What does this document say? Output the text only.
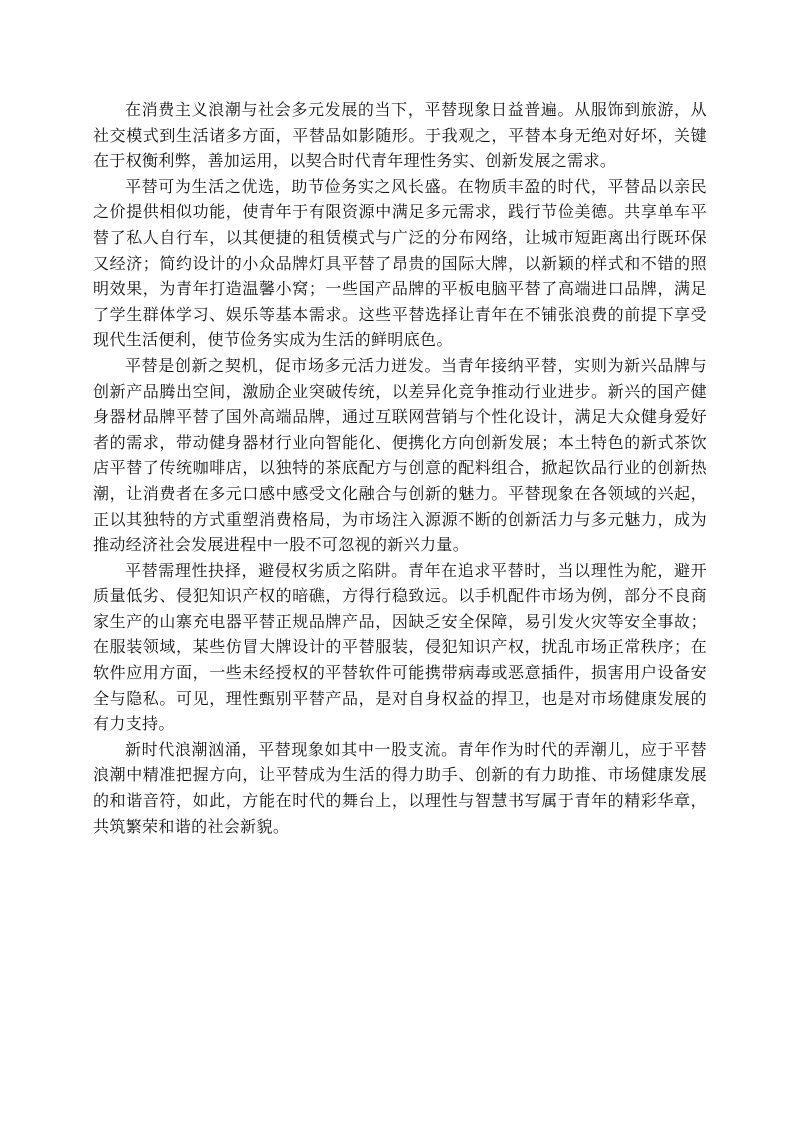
在消费主义浪潮与社会多元发展的当下，平替现象日益普遍。从服饰到旅游，从社交模式到生活诸多方面，平替品如影随形。于我观之，平替本身无绝对好坏，关键在于权衡利弊，善加运用，以契合时代青年理性务实、创新发展之需求。

平替可为生活之优选，助节俭务实之风长盛。在物质丰盈的时代，平替品以亲民之价提供相似功能，使青年于有限资源中满足多元需求，践行节俭美德。共享单车平替了私人自行车，以其便捷的租赁模式与广泛的分布网络，让城市短距离出行既环保又经济；简约设计的小众品牌灯具平替了昂贵的国际大牌，以新颖的样式和不错的照明效果，为青年打造温馨小窝；一些国产品牌的平板电脑平替了高端进口品牌，满足了学生群体学习、娱乐等基本需求。这些平替选择让青年在不铺张浪费的前提下享受现代生活便利，使节俭务实成为生活的鲜明底色。

平替是创新之契机，促市场多元活力迸发。当青年接纳平替，实则为新兴品牌与创新产品腾出空间，激励企业突破传统，以差异化竞争推动行业进步。新兴的国产健身器材品牌平替了国外高端品牌，通过互联网营销与个性化设计，满足大众健身爱好者的需求，带动健身器材行业向智能化、便携化方向创新发展；本土特色的新式茶饮店平替了传统咖啡店，以独特的茶底配方与创意的配料组合，掀起饮品行业的创新热潮，让消费者在多元口感中感受文化融合与创新的魅力。平替现象在各领域的兴起，正以其独特的方式重塑消费格局，为市场注入源源不断的创新活力与多元魅力，成为推动经济社会发展进程中一股不可忽视的新兴力量。

平替需理性抉择，避侵权劣质之陷阱。青年在追求平替时，当以理性为舵，避开质量低劣、侵犯知识产权的暗礁，方得行稳致远。以手机配件市场为例，部分不良商家生产的山寨充电器平替正规品牌产品，因缺乏安全保障，易引发火灾等安全事故；在服装领域，某些仿冒大牌设计的平替服装，侵犯知识产权，扰乱市场正常秩序；在软件应用方面，一些未经授权的平替软件可能携带病毒或恶意插件，损害用户设备安全与隐私。可见，理性甄别平替产品，是对自身权益的捍卫，也是对市场健康发展的有力支持。

新时代浪潮汹涌，平替现象如其中一股支流。青年作为时代的弄潮儿，应于平替浪潮中精准把握方向，让平替成为生活的得力助手、创新的有力助推、市场健康发展的和谐音符，如此，方能在时代的舞台上，以理性与智慧书写属于青年的精彩华章，共筑繁荣和谐的社会新貌。
